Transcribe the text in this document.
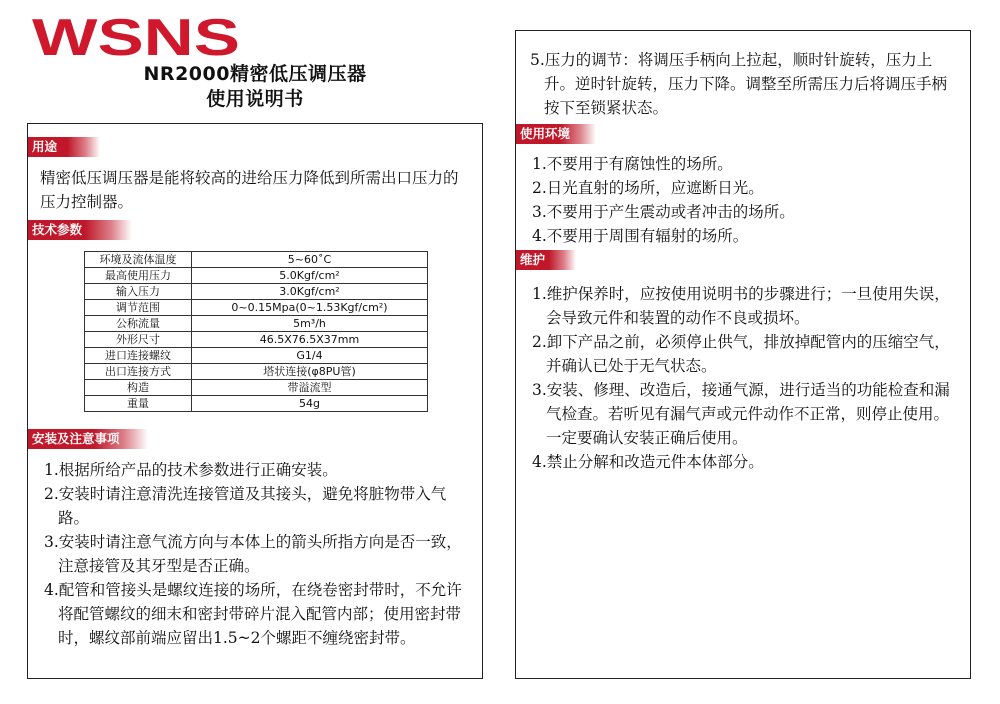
WSNS
NR2000精密低压调压器
使用说明书
用途

精密低压调压器是能将较高的进给压力降低到所需出口压力的压力控制器。

技术参数
环境及流体温度	5~60˚C
最高使用压力	5.0Kgf/cm²
输入压力	3.0Kgf/cm²
调节范围	0~0.15Mpa(0~1.53Kgf/cm²)
公称流量	5m³/h
外形尺寸	46.5X76.5X37mm
进口连接螺纹	G1/4
出口连接方式	塔状连接(φ8PU管)
构造	带溢流型
重量	54g
安装及注意事项
1.根据所给产品的技术参数进行正确安装。
2.安装时请注意清洗连接管道及其接头，避免将脏物带入气路。
3.安装时请注意气流方向与本体上的箭头所指方向是否一致，注意接管及其牙型是否正确。
4.配管和管接头是螺纹连接的场所，在绕卷密封带时，不允许将配管螺纹的细末和密封带碎片混入配管内部；使用密封带时，螺纹部前端应留出1.5~2个螺距不缠绕密封带。

5.压力的调节：将调压手柄向上拉起，顺时针旋转，压力上升。逆时针旋转，压力下降。调整至所需压力后将调压手柄按下至锁紧状态。

使用环境
1.不要用于有腐蚀性的场所。
2.日光直射的场所，应遮断日光。
3.不要用于产生震动或者冲击的场所。
4.不要用于周围有辐射的场所。
维护
1.维护保养时，应按使用说明书的步骤进行；一旦使用失误，会导致元件和装置的动作不良或损坏。
2.卸下产品之前，必须停止供气，排放掉配管内的压缩空气，并确认已处于无气状态。
3.安装、修理、改造后，接通气源，进行适当的功能检查和漏气检查。若听见有漏气声或元件动作不正常，则停止使用。一定要确认安装正确后使用。
4.禁止分解和改造元件本体部分。
